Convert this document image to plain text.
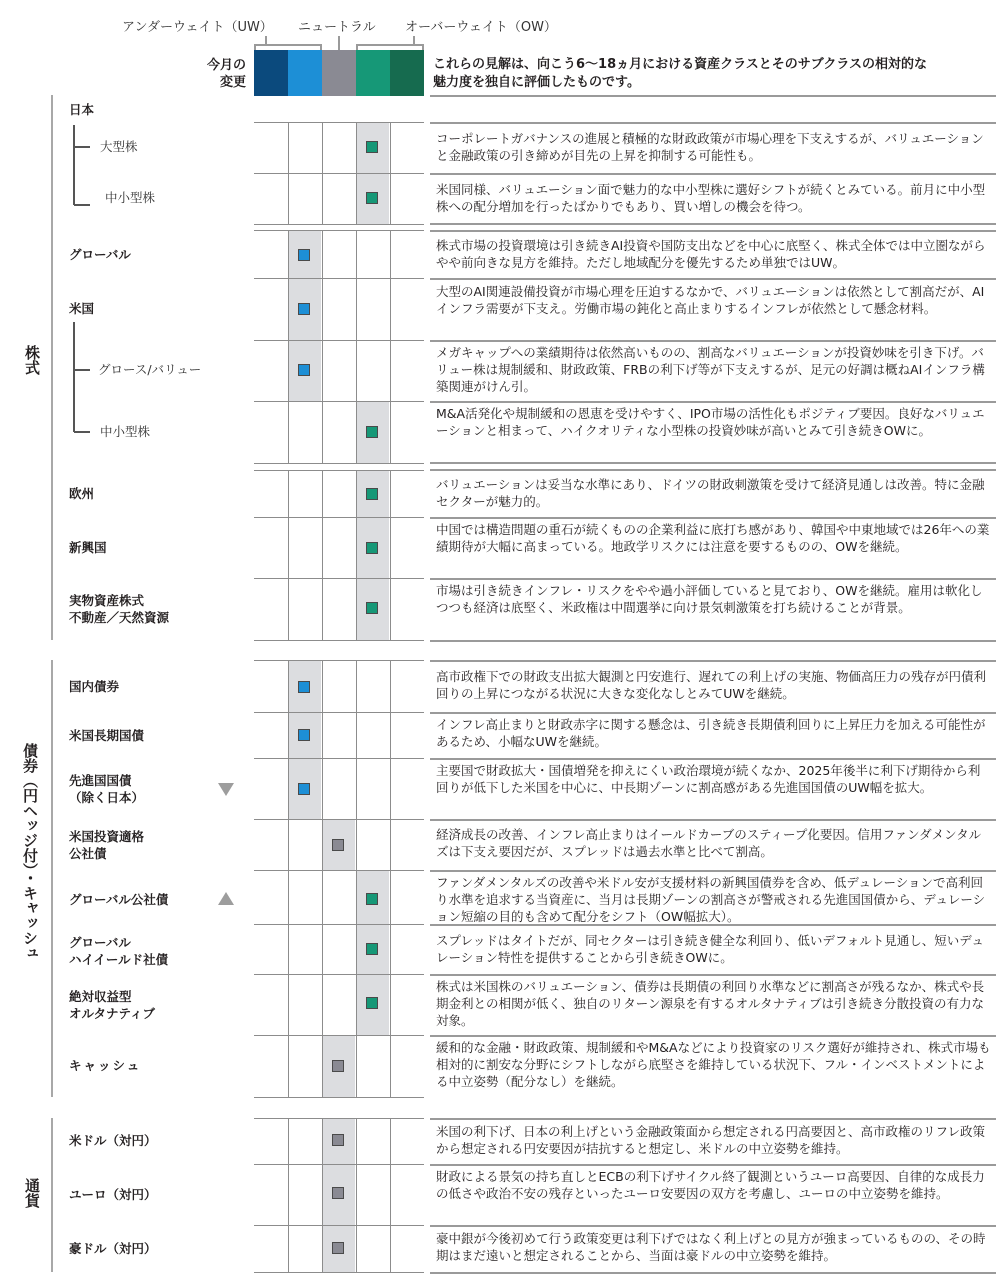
アンダーウェイト（UW） ニュートラル オーバーウェイト（OW）
今月の
変更
これらの見解は、向こう6〜18ヵ月における資産クラスとそのサブクラスの相対的な
魅力度を独自に評価したものです。
株式
債券（円ヘッジ付）・キャッシュ
通貨
日本
大型株
中小型株
グローバル
米国
グロース/バリュー
中小型株
欧州
新興国
実物資産株式
不動産／天然資源
国内債券
米国長期国債
先進国国債
（除く日本）
米国投資適格
公社債
グローバル公社債
グローバル
ハイイールド社債
絶対収益型
オルタナティブ
キャッシュ
米ドル（対円）
ユーロ（対円）
豪ドル（対円）
コーポレートガバナンスの進展と積極的な財政政策が市場心理を下支えするが、バリュエーションと金融政策の引き締めが目先の上昇を抑制する可能性も。
米国同様、バリュエーション面で魅力的な中小型株に選好シフトが続くとみている。前月に中小型株への配分増加を行ったばかりでもあり、買い増しの機会を待つ。
株式市場の投資環境は引き続きAI投資や国防支出などを中心に底堅く、株式全体では中立圏ながらやや前向きな見方を維持。ただし地域配分を優先するため単独ではUW。
大型のAI関連設備投資が市場心理を圧迫するなかで、バリュエーションは依然として割高だが、AIインフラ需要が下支え。労働市場の鈍化と高止まりするインフレが依然として懸念材料。
メガキャップへの業績期待は依然高いものの、割高なバリュエーションが投資妙味を引き下げ。バリュー株は規制緩和、財政政策、FRBの利下げ等が下支えするが、足元の好調は概ねAIインフラ構築関連がけん引。
M&A活発化や規制緩和の恩恵を受けやすく、IPO市場の活性化もポジティブ要因。良好なバリュエーションと相まって、ハイクオリティな小型株の投資妙味が高いとみて引き続きOWに。
バリュエーションは妥当な水準にあり、ドイツの財政刺激策を受けて経済見通しは改善。特に金融セクターが魅力的。
中国では構造問題の重石が続くものの企業利益に底打ち感があり、韓国や中東地域では26年への業績期待が大幅に高まっている。地政学リスクには注意を要するものの、OWを継続。
市場は引き続きインフレ・リスクをやや過小評価していると見ており、OWを継続。雇用は軟化しつつも経済は底堅く、米政権は中間選挙に向け景気刺激策を打ち続けることが背景。
高市政権下での財政支出拡大観測と円安進行、遅れての利上げの実施、物価高圧力の残存が円債利回りの上昇につながる状況に大きな変化なしとみてUWを継続。
インフレ高止まりと財政赤字に関する懸念は、引き続き長期債利回りに上昇圧力を加える可能性があるため、小幅なUWを継続。
主要国で財政拡大・国債増発を抑えにくい政治環境が続くなか、2025年後半に利下げ期待から利回りが低下した米国を中心に、中長期ゾーンに割高感がある先進国国債のUW幅を拡大。
経済成長の改善、インフレ高止まりはイールドカーブのスティープ化要因。信用ファンダメンタルズは下支え要因だが、スプレッドは過去水準と比べて割高。
ファンダメンタルズの改善や米ドル安が支援材料の新興国債券を含め、低デュレーションで高利回り水準を追求する当資産に、当月は長期ゾーンの割高さが警戒される先進国国債から、デュレーション短縮の目的も含めて配分をシフト（OW幅拡大）。
スプレッドはタイトだが、同セクターは引き続き健全な利回り、低いデフォルト見通し、短いデュレーション特性を提供することから引き続きOWに。
株式は米国株のバリュエーション、債券は長期債の利回り水準などに割高さが残るなか、株式や長期金利との相関が低く、独自のリターン源泉を有するオルタナティブは引き続き分散投資の有力な対象。
緩和的な金融・財政政策、規制緩和やM&Aなどにより投資家のリスク選好が維持され、株式市場も相対的に割安な分野にシフトしながら底堅さを維持している状況下、フル・インベストメントによる中立姿勢（配分なし）を継続。
米国の利下げ、日本の利上げという金融政策面から想定される円高要因と、高市政権のリフレ政策から想定される円安要因が拮抗すると想定し、米ドルの中立姿勢を維持。
財政による景気の持ち直しとECBの利下げサイクル終了観測というユーロ高要因、自律的な成長力の低さや政治不安の残存といったユーロ安要因の双方を考慮し、ユーロの中立姿勢を維持。
豪中銀が今後初めて行う政策変更は利下げではなく利上げとの見方が強まっているものの、その時期はまだ遠いと想定されることから、当面は豪ドルの中立姿勢を維持。
